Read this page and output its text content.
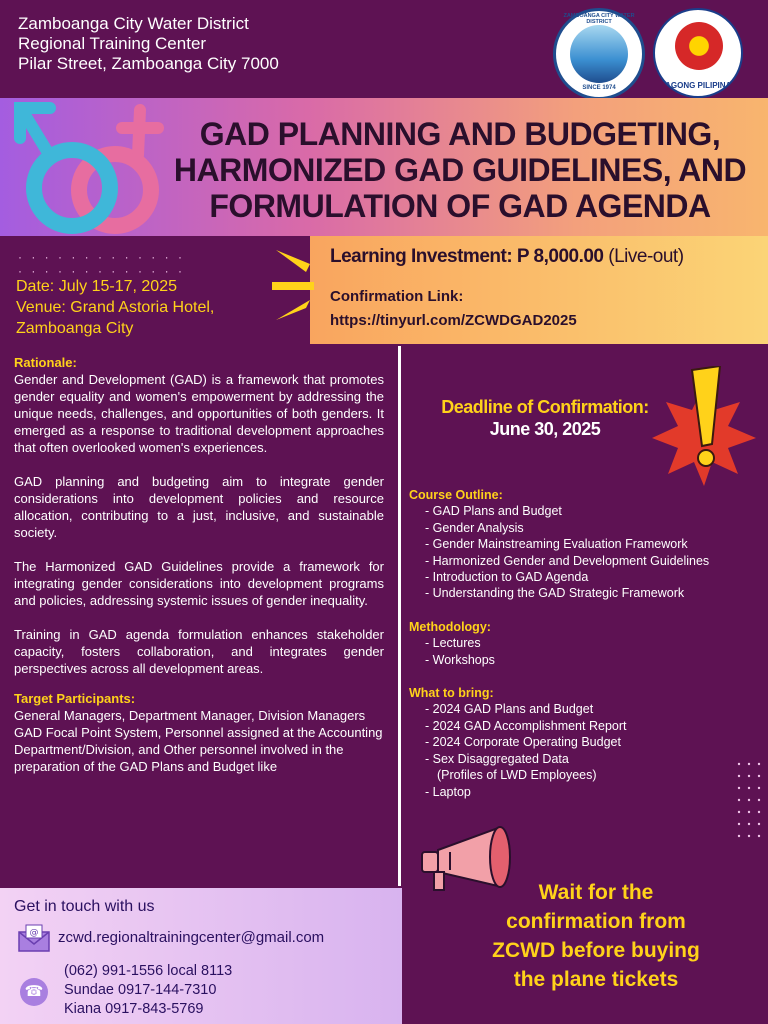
Zamboanga City Water District
Regional Training Center
Pilar Street, Zamboanga City 7000
ZAMBOANGA CITY WATER DISTRICT
SINCE 1974	BAGONG PILIPINAS
GAD PLANNING AND BUDGETING,
HARMONIZED GAD GUIDELINES, AND
FORMULATION OF GAD AGENDA
· · · · · · · · · · · · ·
· · · · · · · · · · · · ·
Date: July 15-17, 2025
Venue: Grand Astoria Hotel,
Zamboanga City
Learning Investment: P 8,000.00 (Live-out)
Confirmation Link:
https://tinyurl.com/ZCWDGAD2025
Rationale:

Gender and Development (GAD) is a framework that promotes gender equality and women's empowerment by addressing the unique needs, challenges, and opportunities of both genders. It emerged as a response to traditional development approaches that often overlooked women's experiences.

GAD planning and budgeting aim to integrate gender considerations into development policies and resource allocation, contributing to a just, inclusive, and sustainable society.

The Harmonized GAD Guidelines provide a framework for integrating gender considerations into development programs and policies, addressing systemic issues of gender inequality.

Training in GAD agenda formulation enhances stakeholder capacity, fosters collaboration, and integrates gender perspectives across all development areas.

Target Participants:
General Managers, Department Manager, Division Managers GAD Focal Point System, Personnel assigned at the Accounting Department/Division, and Other personnel involved in the preparation of the GAD Plans and Budget like
Deadline of Confirmation:
June 30, 2025
Course Outline:
- GAD Plans and Budget
- Gender Analysis
- Gender Mainstreaming Evaluation Framework
- Harmonized Gender and Development Guidelines
- Introduction to GAD Agenda
- Understanding the GAD Strategic Framework
Methodology:
- Lectures
- Workshops
What to bring:
- 2024 GAD Plans and Budget
- 2024 GAD Accomplishment Report
- 2024 Corporate Operating Budget
- Sex Disaggregated Data
(Profiles of LWD Employees)
- Laptop
Wait for the
confirmation from
ZCWD before buying
the plane tickets
Get in touch with us
@ zcwd.regionaltrainingcenter@gmail.com
☎
(062) 991-1556 local 8113
Sundae 0917-144-7310
Kiana 0917-843-5769
